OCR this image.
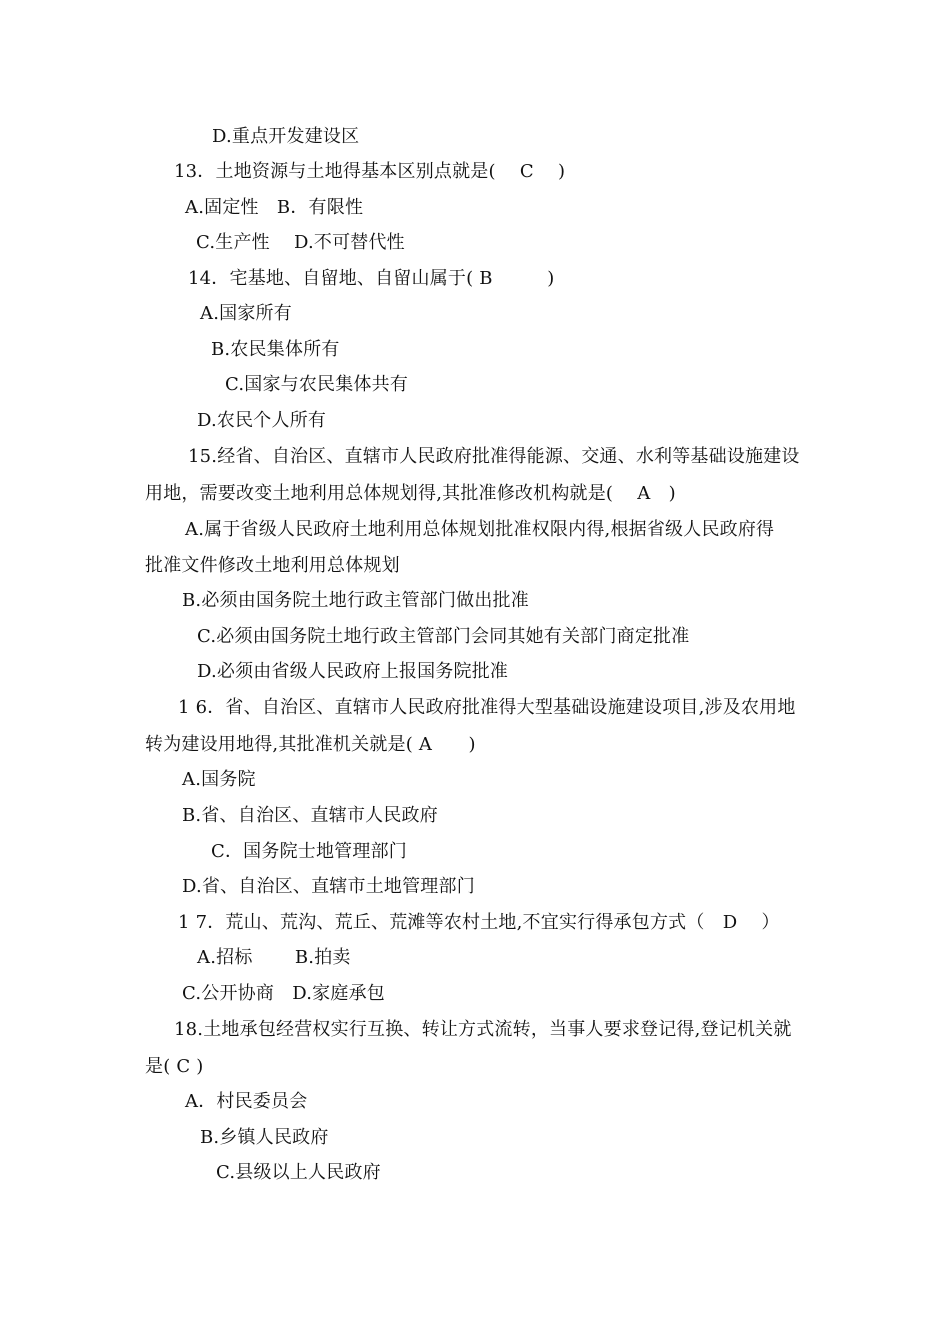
D.重点开发建设区
13．土地资源与土地得基本区别点就是(　 C　 )
A.固定性　B．有限性
C.生产性　 D.不可替代性
14．宅基地、自留地、自留山属于( B　　　)
A.国家所有
B.农民集体所有
C.国家与农民集体共有
D.农民个人所有
15.经省、自治区、直辖市人民政府批准得能源、交通、水利等基础设施建设
用地，需要改变土地利用总体规划得,其批准修改机构就是(　 A　)
A.属于省级人民政府土地利用总体规划批准权限内得,根据省级人民政府得
批准文件修改土地利用总体规划
B.必须由国务院土地行政主管部门做出批准
C.必须由国务院土地行政主管部门会同其她有关部门商定批准
D.必须由省级人民政府上报国务院批准
1 6．省、自治区、直辖市人民政府批准得大型基础设施建设项目,涉及农用地
转为建设用地得,其批准机关就是( A　　)
A.国务院
B.省、自治区、直辖市人民政府
C．国务院士地管理部门
D.省、自治区、直辖市土地管理部门
1 7．荒山、荒沟、荒丘、荒滩等农村土地,不宜实行得承包方式（　D　 ）
A.招标　　 B.拍卖
C.公开协商　D.家庭承包
18.土地承包经营权实行互换、转让方式流转，当事人要求登记得,登记机关就
是( C )
A．村民委员会
B.乡镇人民政府
C.县级以上人民政府
